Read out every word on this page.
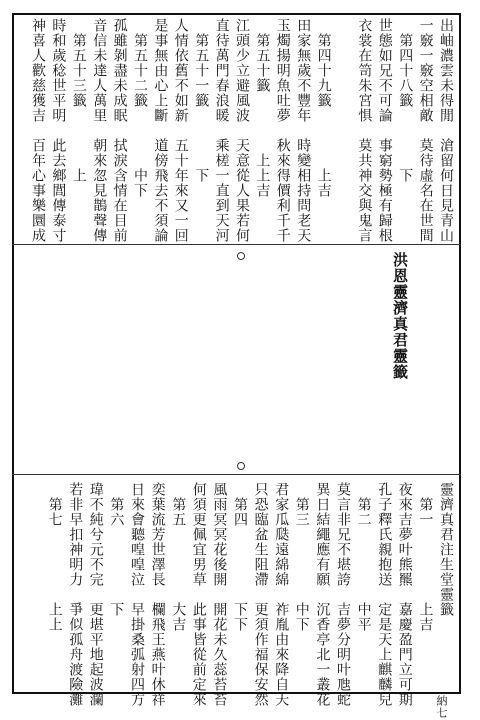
出岫濃雲未得閒　滄留何日見青山
一竅一竅空相敵　莫待虛名在世間
　第四十八籤　　　　下
世態如兄不可論　事窮勢極有歸根
衣裳在笥朱宮惧　莫共神交與鬼言
　第四十九籤　　　　上吉
田家無歲不豐年　時變相持問老天
玉燭揚明魚吐夢　秋來得價利千千
　第五十籤　　　　上上吉
江頭少立避風波　天意從人果若何
直待萬門春浪暖　乘槎一直到天河
　第五十一籤　　　　下
人情依舊不如新　五十年來又一回
是事無由心上斷　道傍飛去不須論
　第五十二籤　　　　中下
孤雖剝盡未成眠　拭淚含情在目前
音信未達人萬里　朝來忽見鵲聲傳
　第五十三籤　　　　上
時和歲稔世平明　此去鄉閭傳泰寸
神喜人歡慈獲吉　百年心事樂圜成
洪恩靈濟真君靈籤
靈濟真君注生堂靈籤
　第一　　　　　上吉
夜來吉夢叶熊羆　嘉慶盈門立可期
孔子釋氏親抱送　定是天上麒麟兒
　第二　　　　　中平
莫言非兄不堪誇　吉夢分明叶虺蛇
異日結繩應有願　沉香亭北一叢花
　第三　　　　　中下
君家瓜瓞遠綿綿　祚胤由來降自天
只恐臨盆生阻滯　更須作福保安然
　第四　　　　　下下
風雨冥冥花後開　開花未久蕊苔苔
何須更佩宜男草　此事皆從前定來
　第五　　　　　大吉
奕葉流芳世澤長　欄飛王燕叶休祥
日來會聽喤喤泣　早掛桑弧射四方
　第六　　　　　下
瑋不純兮元不完　更堪平地起波瀾
若非早扣神明力　爭似孤舟渡險灘
　第七　　　　　上上
納七
